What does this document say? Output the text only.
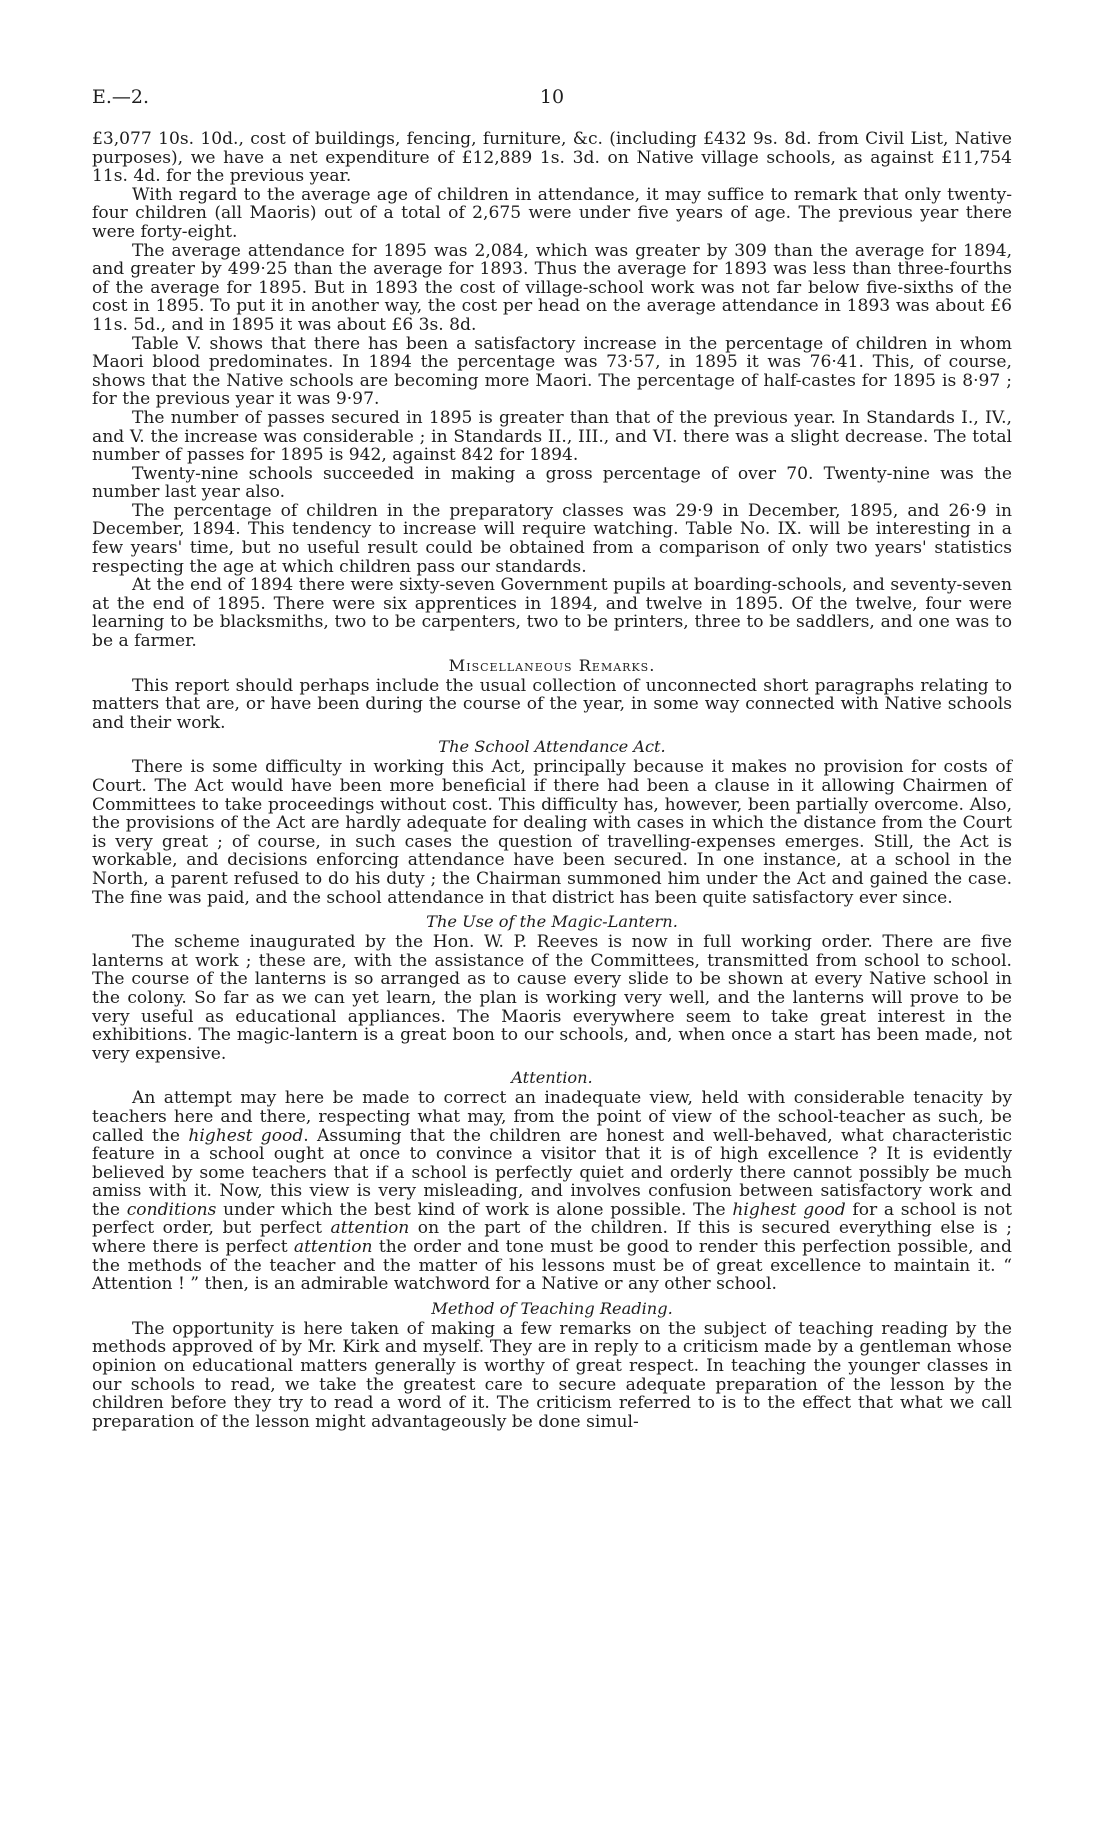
E.—2.	10

£3,077 10s. 10d., cost of buildings, fencing, furniture, &c. (including £432 9s. 8d. from Civil List, Native purposes), we have a net expenditure of £12,889 1s. 3d. on Native village schools, as against £11,754 11s. 4d. for the previous year.

With regard to the average age of children in attendance, it may suffice to remark that only twenty-four children (all Maoris) out of a total of 2,675 were under five years of age. The previous year there were forty-eight.

The average attendance for 1895 was 2,084, which was greater by 309 than the average for 1894, and greater by 499·25 than the average for 1893. Thus the average for 1893 was less than three-fourths of the average for 1895. But in 1893 the cost of village-school work was not far below five-sixths of the cost in 1895. To put it in another way, the cost per head on the average attendance in 1893 was about £6 11s. 5d., and in 1895 it was about £6 3s. 8d.

Table V. shows that there has been a satisfactory increase in the percentage of children in whom Maori blood predominates. In 1894 the percentage was 73·57, in 1895 it was 76·41. This, of course, shows that the Native schools are becoming more Maori. The percentage of half-castes for 1895 is 8·97 ; for the previous year it was 9·97.

The number of passes secured in 1895 is greater than that of the previous year. In Standards I., IV., and V. the increase was considerable ; in Standards II., III., and VI. there was a slight decrease. The total number of passes for 1895 is 942, against 842 for 1894.

Twenty-nine schools succeeded in making a gross percentage of over 70. Twenty-nine was the number last year also.

The percentage of children in the preparatory classes was 29·9 in December, 1895, and 26·9 in December, 1894. This tendency to increase will require watching. Table No. IX. will be interesting in a few years' time, but no useful result could be obtained from a comparison of only two years' statistics respecting the age at which children pass our standards.

At the end of 1894 there were sixty-seven Government pupils at boarding-schools, and seventy-seven at the end of 1895. There were six apprentices in 1894, and twelve in 1895. Of the twelve, four were learning to be blacksmiths, two to be carpenters, two to be printers, three to be saddlers, and one was to be a farmer.

Miscellaneous Remarks.

This report should perhaps include the usual collection of unconnected short paragraphs relating to matters that are, or have been during the course of the year, in some way connected with Native schools and their work.

The School Attendance Act.

There is some difficulty in working this Act, principally because it makes no provision for costs of Court. The Act would have been more beneficial if there had been a clause in it allowing Chairmen of Committees to take proceedings without cost. This difficulty has, however, been partially overcome. Also, the provisions of the Act are hardly adequate for dealing with cases in which the distance from the Court is very great ; of course, in such cases the question of travelling-expenses emerges. Still, the Act is workable, and decisions enforcing attendance have been secured. In one instance, at a school in the North, a parent refused to do his duty ; the Chairman summoned him under the Act and gained the case. The fine was paid, and the school attendance in that district has been quite satisfactory ever since.

The Use of the Magic-Lantern.

The scheme inaugurated by the Hon. W. P. Reeves is now in full working order. There are five lanterns at work ; these are, with the assistance of the Committees, transmitted from school to school. The course of the lanterns is so arranged as to cause every slide to be shown at every Native school in the colony. So far as we can yet learn, the plan is working very well, and the lanterns will prove to be very useful as educational appliances. The Maoris everywhere seem to take great interest in the exhibitions. The magic-lantern is a great boon to our schools, and, when once a start has been made, not very expensive.

Attention.

An attempt may here be made to correct an inadequate view, held with considerable tenacity by teachers here and there, respecting what may, from the point of view of the school-teacher as such, be called the highest good. Assuming that the children are honest and well-behaved, what characteristic feature in a school ought at once to convince a visitor that it is of high excellence ? It is evidently believed by some teachers that if a school is perfectly quiet and orderly there cannot possibly be much amiss with it. Now, this view is very misleading, and involves confusion between satisfactory work and the conditions under which the best kind of work is alone possible. The highest good for a school is not perfect order, but perfect attention on the part of the children. If this is secured everything else is ; where there is perfect attention the order and tone must be good to render this perfection possible, and the methods of the teacher and the matter of his lessons must be of great excellence to maintain it. “ Attention ! ” then, is an admirable watchword for a Native or any other school.

Method of Teaching Reading.

The opportunity is here taken of making a few remarks on the subject of teaching reading by the methods approved of by Mr. Kirk and myself. They are in reply to a criticism made by a gentleman whose opinion on educational matters generally is worthy of great respect. In teaching the younger classes in our schools to read, we take the greatest care to secure adequate preparation of the lesson by the children before they try to read a word of it. The criticism referred to is to the effect that what we call preparation of the lesson might advantageously be done simul-
